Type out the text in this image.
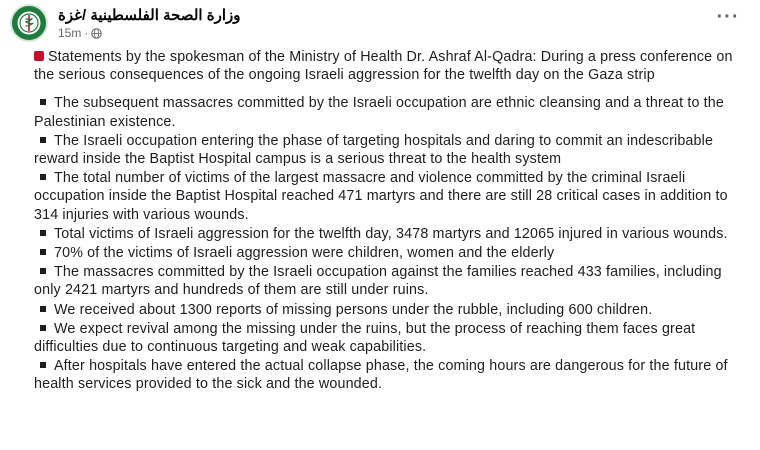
وزارة الصحة الفلسطينية /غزة
15m ·
···

Statements by the spokesman of the Ministry of Health Dr. Ashraf Al-Qadra: During a press conference on the serious consequences of the ongoing Israeli aggression for the twelfth day on the Gaza strip

The subsequent massacres committed by the Israeli occupation are ethnic cleansing and a threat to the Palestinian existence.
The Israeli occupation entering the phase of targeting hospitals and daring to commit an indescribable reward inside the Baptist Hospital campus is a serious threat to the health system
The total number of victims of the largest massacre and violence committed by the criminal Israeli occupation inside the Baptist Hospital reached 471 martyrs and there are still 28 critical cases in addition to 314 injuries with various wounds.
Total victims of Israeli aggression for the twelfth day, 3478 martyrs and 12065 injured in various wounds.
70% of the victims of Israeli aggression were children, women and the elderly
The massacres committed by the Israeli occupation against the families reached 433 families, including only 2421 martyrs and hundreds of them are still under ruins.
We received about 1300 reports of missing persons under the rubble, including 600 children.
We expect revival among the missing under the ruins, but the process of reaching them faces great difficulties due to continuous targeting and weak capabilities.
After hospitals have entered the actual collapse phase, the coming hours are dangerous for the future of health services provided to the sick and the wounded.
